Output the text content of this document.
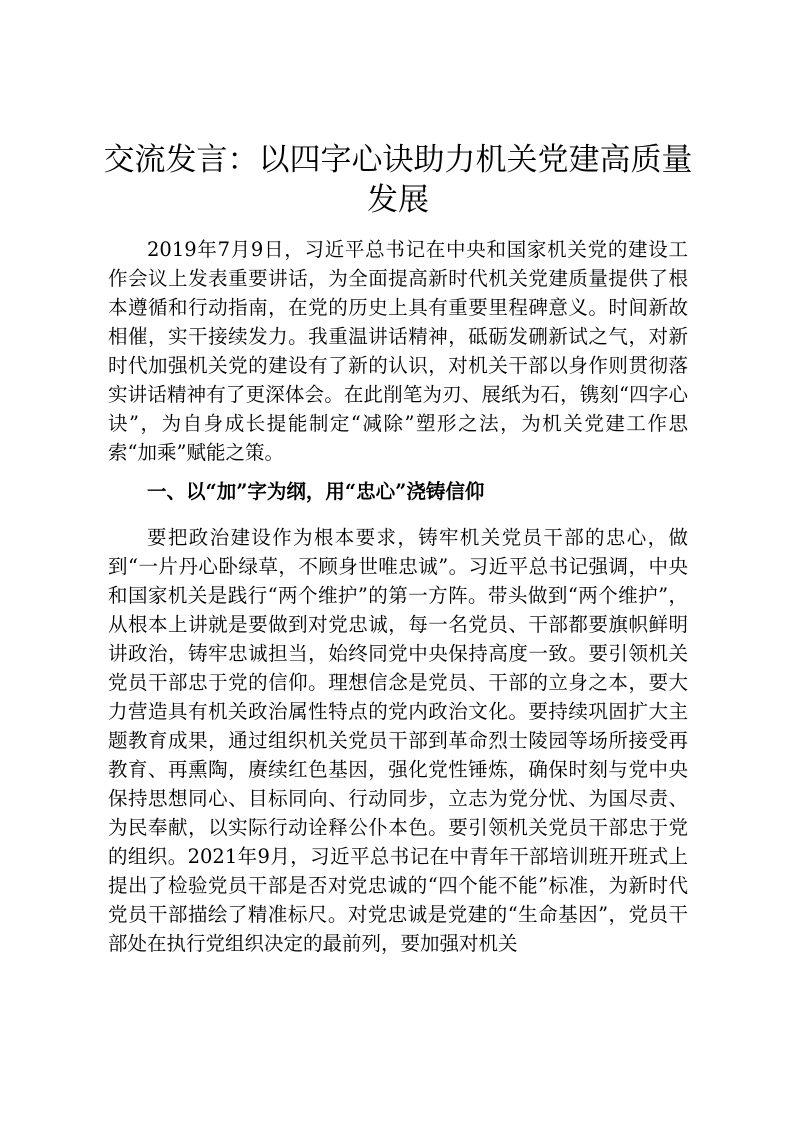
交流发言：以四字心诀助力机关党建高质量发展

2019年7月9日，习近平总书记在中央和国家机关党的建设工作会议上发表重要讲话，为全面提高新时代机关党建质量提供了根本遵循和行动指南，在党的历史上具有重要里程碑意义。时间新故相催，实干接续发力。我重温讲话精神，砥砺发硎新试之气，对新时代加强机关党的建设有了新的认识，对机关干部以身作则贯彻落实讲话精神有了更深体会。在此削笔为刃、展纸为石，镌刻“四字心诀”，为自身成长提能制定“减除”塑形之法，为机关党建工作思索“加乘”赋能之策。

一、以“加”字为纲，用“忠心”浇铸信仰

要把政治建设作为根本要求，铸牢机关党员干部的忠心，做到“一片丹心卧绿草，不顾身世唯忠诚”。习近平总书记强调，中央和国家机关是践行“两个维护”的第一方阵。带头做到“两个维护”，从根本上讲就是要做到对党忠诚，每一名党员、干部都要旗帜鲜明讲政治，铸牢忠诚担当，始终同党中央保持高度一致。要引领机关党员干部忠于党的信仰。理想信念是党员、干部的立身之本，要大力营造具有机关政治属性特点的党内政治文化。要持续巩固扩大主题教育成果，通过组织机关党员干部到革命烈士陵园等场所接受再教育、再熏陶，赓续红色基因，强化党性锤炼，确保时刻与党中央保持思想同心、目标同向、行动同步，立志为党分忧、为国尽责、为民奉献，以实际行动诠释公仆本色。要引领机关党员干部忠于党的组织。2021年9月，习近平总书记在中青年干部培训班开班式上提出了检验党员干部是否对党忠诚的“四个能不能”标准，为新时代党员干部描绘了精准标尺。对党忠诚是党建的“生命基因”，党员干部处在执行党组织决定的最前列，要加强对机关
